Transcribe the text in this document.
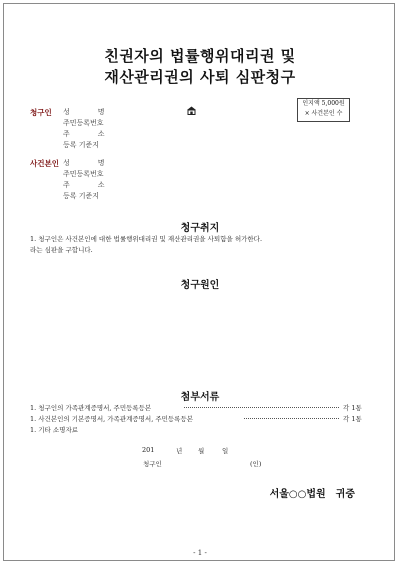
친권자의 법률행위대리권 및
재산관리권의 사퇴 심판청구
인지액 5,000원
× 사건본인 수
청구인 성　　　　명
주민등록번호
주　　　　소
등록 기준지
사건본인 성　　　　명
주민등록번호
주　　　　소
등록 기준지
청구취지
1. 청구인은 사건본인에 대한 법률행위대리권 및 재산관리권을 사퇴함을 허가한다.
라는 심판을 구합니다.
청구원인
첨부서류
1. 청구인의 가족관계증명서, 주민등록등본	각 1통
1. 사건본인의 기본증명서, 가족관계증명서, 주민등록등본	각 1통
1. 기타 소명자료
201	년 월	일
청구인	(인)
서울○○법원　귀중
- 1 -
